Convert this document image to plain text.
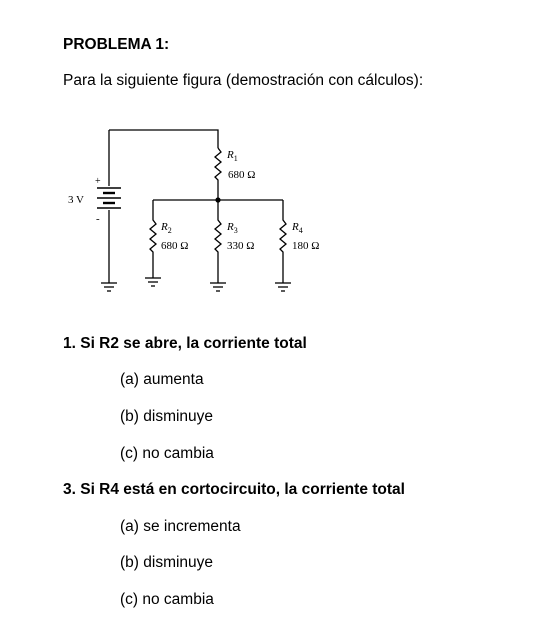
PROBLEMA 1:
Para la siguiente figura (demostración con cálculos):
3 V
+
-
$R_1$
680 Ω
$R_2$
680 Ω
$R_3$
330 Ω
$R_4$
180 Ω
1. Si R2 se abre, la corriente total
(a) aumenta
(b) disminuye
(c) no cambia
3. Si R4 está en cortocircuito, la corriente total
(a) se incrementa
(b) disminuye
(c) no cambia
